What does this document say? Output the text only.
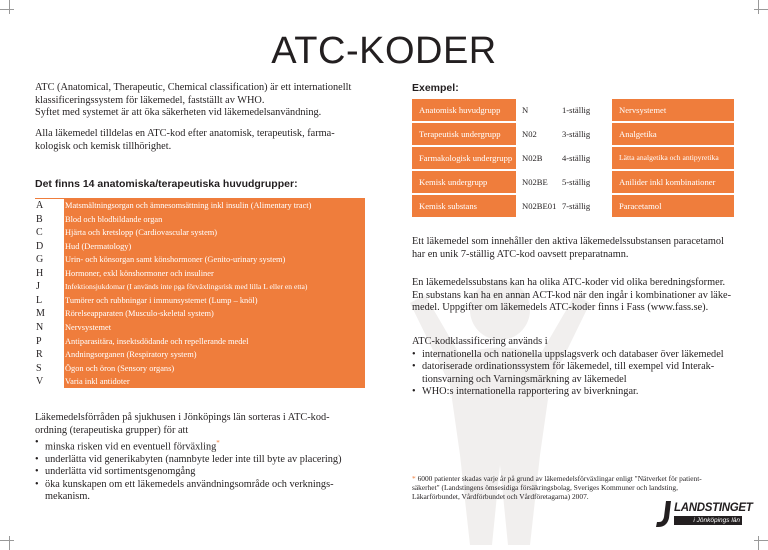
ATC-KODER
ATC (Anatomical, Therapeutic, Chemical classification) är ett internationellt
klassificeringssystem för läkemedel, fastställt av WHO.
Syftet med systemet är att öka säkerheten vid läkemedelsanvändning.
Alla läkemedel tilldelas en ATC-kod efter anatomisk, terapeutisk, farma-
kologisk och kemisk tillhörighet.
Det finns 14 anatomiska/terapeutiska huvudgrupper:
A	Matsmältningsorgan och ämnesomsättning inkl insulin (Alimentary tract)
B	Blod och blodbildande organ
C	Hjärta och kretslopp (Cardiovascular system)
D	Hud (Dermatology)
G	Urin- och könsorgan samt könshormoner (Genito-urinary system)
H	Hormoner, exkl könshormoner och insuliner
J	Infektionsjukdomar (I används inte pga förväxlingsrisk med lilla L eller en etta)
L	Tumörer och rubbningar i immunsystemet (Lump – knöl)
M	Rörelseapparaten (Musculo-skeletal system)
N	Nervsystemet
P	Antiparasitära, insektsdödande och repellerande medel
R	Andningsorganen (Respiratory system)
S	Ögon och öron (Sensory organs)
V	Varia inkl antidoter
Läkemedelsförråden på sjukhusen i Jönköpings län sorteras i ATC-kod-
ordning (terapeutiska grupper) för att
• minska risken vid en eventuell förväxling*
• underlätta vid generikabyten (namnbyte leder inte till byte av placering)
• underlätta vid sortimentsgenomgång
• öka kunskapen om ett läkemedels användningsområde och verknings-
mekanism.
Exempel:
Anatomisk huvudgrupp	N	1-ställig	Nervsystemet
Terapeutisk undergrupp	N02	3-ställig	Analgetika
Farmakologisk undergrupp	N02B	4-ställig	Lätta analgetika och antipyretika
Kemisk undergrupp	N02BE	5-ställig	Anilider inkl kombinationer
Kemisk substans	N02BE01 7-ställig	Paracetamol
Ett läkemedel som innehåller den aktiva läkemedelssubstansen paracetamol
har en unik 7-ställig ATC-kod oavsett preparatnamn.
En läkemedelssubstans kan ha olika ATC-koder vid olika beredningsformer.
En substans kan ha en annan ACT-kod när den ingår i kombinationer av läke-
medel. Uppgifter om läkemedels ATC-koder finns i Fass (www.fass.se).
ATC-kodklassificering används i
• internationella och nationella uppslagsverk och databaser över läkemedel
• datoriserade ordinationssystem för läkemedel, till exempel vid Interak-
tionsvarning och Varningsmärkning av läkemedel
• WHO:s internationella rapportering av biverkningar.
* 6000 patienter skadas varje år på grund av läkemedelsförväxlingar enligt "Nätverket för patient-
säkerhet" (Landstingens ömsesidiga försäkringsbolag, Sveriges Kommuner och landsting,
Läkarförbundet, Vårdförbundet och Vårdföretagarna) 2007.
LANDSTINGET
i Jönköpings län
